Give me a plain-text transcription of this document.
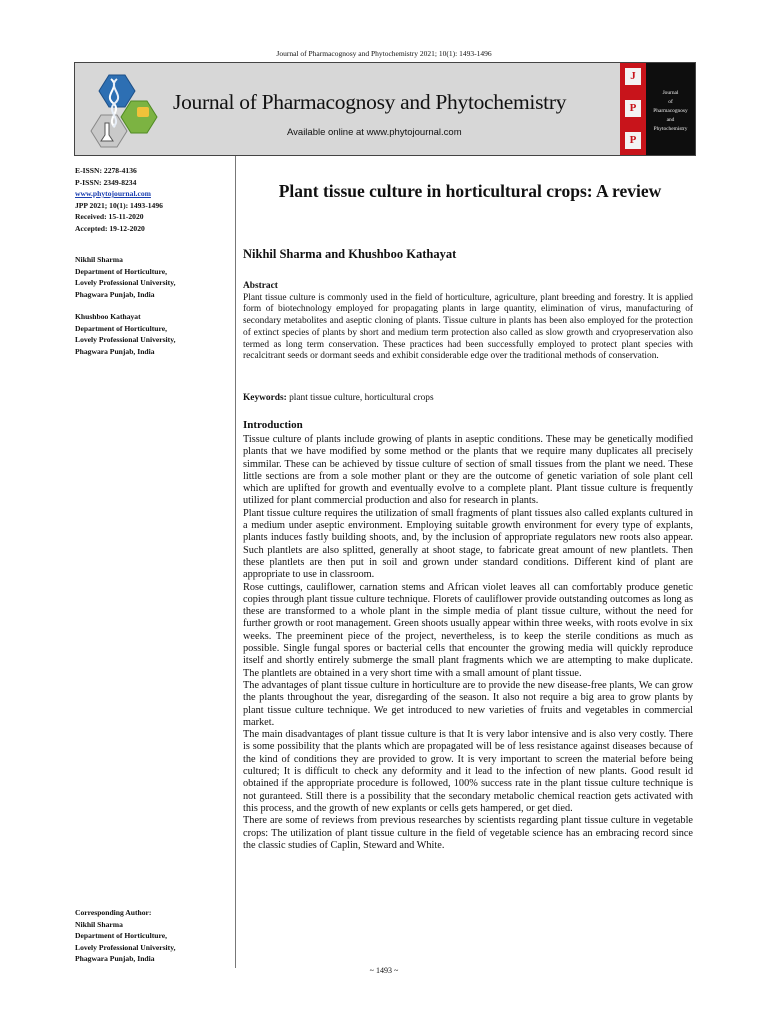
Journal of Pharmacognosy and Phytochemistry 2021; 10(1): 1493-1496
Journal of Pharmacognosy and Phytochemistry
Available online at www.phytojournal.com
J
P
P
Journal
of
Pharmacognosy
and
Phytochemistry
E-ISSN: 2278-4136
P-ISSN: 2349-8234
www.phytojournal.com
JPP 2021; 10(1): 1493-1496
Received: 15-11-2020
Accepted: 19-12-2020
Nikhil Sharma
Department of Horticulture,
Lovely Professional University,
Phagwara Punjab, India
Khushboo Kathayat
Department of Horticulture,
Lovely Professional University,
Phagwara Punjab, India
Corresponding Author:
Nikhil Sharma
Department of Horticulture,
Lovely Professional University,
Phagwara Punjab, India
Plant tissue culture in horticultural crops: A review
Nikhil Sharma and Khushboo Kathayat
Abstract
Plant tissue culture is commonly used in the field of horticulture, agriculture, plant breeding and forestry. It is applied form of biotechnology employed for propagating plants in large quantity, elimination of virus, manufacturing of secondary metabolites and aseptic cloning of plants. Tissue culture in plants has been also employed for the protection of extinct species of plants by short and medium term protection also called as slow growth and cryopreservation also termed as long term conservation. These practices had been successfully employed to protect plant species with recalcitrant seeds or dormant seeds and exhibit considerable edge over the traditional methods of conservation.
Keywords: plant tissue culture, horticultural crops
Introduction

Tissue culture of plants include growing of plants in aseptic conditions. These may be genetically modified plants that we have modified by some method or the plants that we require many duplicates all precisely simmilar. These can be achieved by tissue culture of section of small tissues from the plant we need. These little sections are from a sole mother plant or they are the outcome of genetic variation of sole plant cell which are uplifted for growth and eventually evolve to a complete plant. Plant tissue culture is frequently utilized for plant commercial production and also for research in plants.

Plant tissue culture requires the utilization of small fragments of plant tissues also called explants cultured in a medium under aseptic environment. Employing suitable growth environment for every type of explants, plants induces fastly building shoots, and, by the inclusion of appropriate regulators new roots also appear. Such plantlets are also splitted, generally at shoot stage, to fabricate great amount of new plantlets. Then these plantlets are then put in soil and grown under standard conditions. Different kind of plant are appropriate to use in classroom.

Rose cuttings, cauliflower, carnation stems and African violet leaves all can comfortably produce genetic copies through plant tissue culture technique. Florets of cauliflower provide outstanding outcomes as long as these are transformed to a whole plant in the simple media of plant tissue culture, without the need for further growth or root management. Green shoots usually appear within three weeks, with roots evolve in six weeks. The preeminent piece of the project, nevertheless, is to keep the sterile conditions as much as possible. Single fungal spores or bacterial cells that encounter the growing media will quickly reproduce itself and shortly entirely submerge the small plant fragments which we are attempting to make duplicate. The plantlets are obtained in a very short time with a small amount of plant tissue.

The advantages of plant tissue culture in horticulture are to provide the new disease-free plants, We can grow the plants throughout the year, disregarding of the season. It also not require a big area to grow plants by plant tissue culture technique. We get introduced to new varieties of fruits and vegetables in commercial market.

The main disadvantages of plant tissue culture is that It is very labor intensive and is also very costly. There is some possibility that the plants which are propagated will be of less resistance against diseases because of the kind of conditions they are provided to grow. It is very important to screen the material before being cultured; It is difficult to check any deformity and it lead to the infection of new plants. Good result id obtained if the appropriate procedure is followed, 100% success rate in the plant tissue culture technique is not guranteed. Still there is a possibility that the secondary metabolic chemical reaction gets activated with this process, and the growth of new explants or cells gets hampered, or get died.

There are some of reviews from previous researches by scientists regarding plant tissue culture in vegetable crops: The utilization of plant tissue culture in the field of vegetable science has an embracing record since the classic studies of Caplin, Steward and White.

~ 1493 ~
